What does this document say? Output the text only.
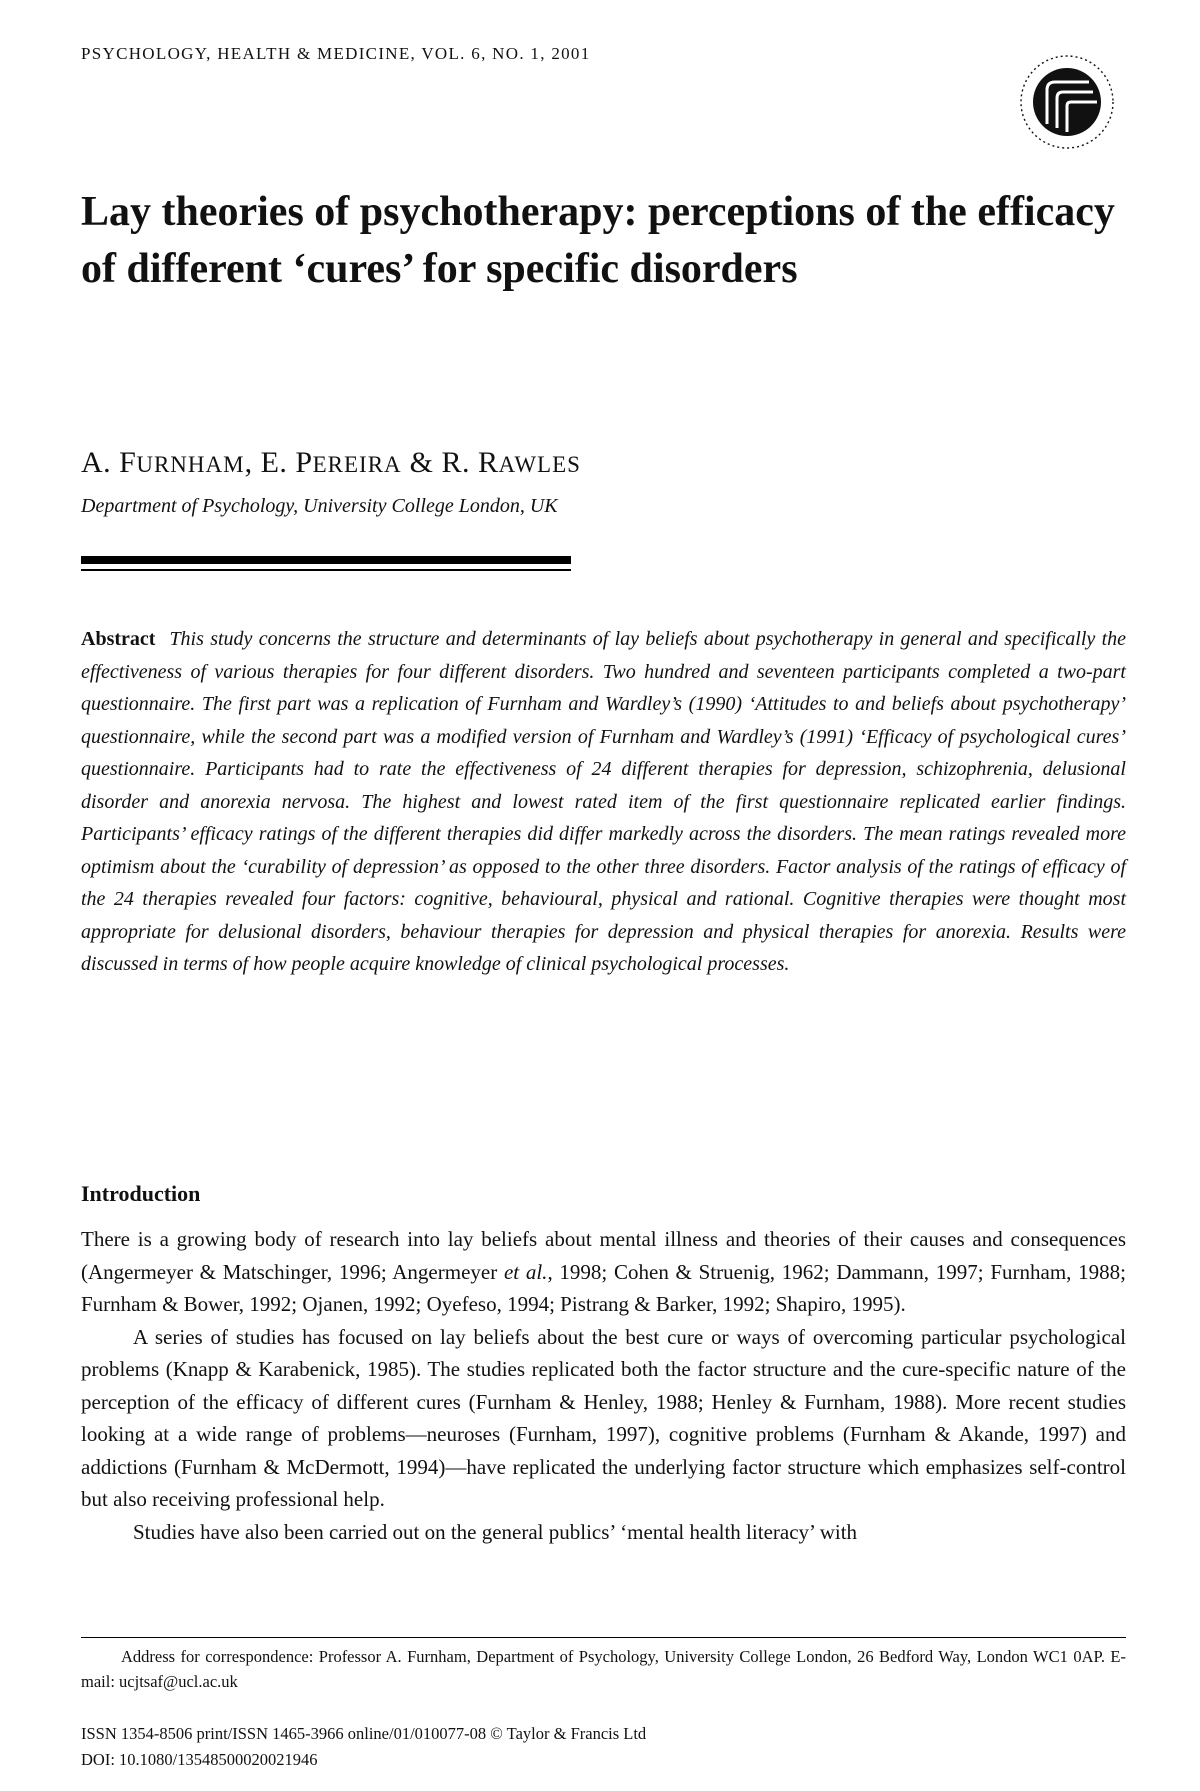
PSYCHOLOGY, HEALTH & MEDICINE, VOL. 6, NO. 1, 2001
Lay theories of psychotherapy: perceptions of the efficacy of different ‘cures’ for specific disorders
A. FURNHAM, E. PEREIRA & R. RAWLES
Department of Psychology, University College London, UK

Abstract This study concerns the structure and determinants of lay beliefs about psychotherapy in general and specifically the effectiveness of various therapies for four different disorders. Two hundred and seventeen participants completed a two-part questionnaire. The first part was a replication of Furnham and Wardley’s (1990) ‘Attitudes to and beliefs about psychotherapy’ questionnaire, while the second part was a modified version of Furnham and Wardley’s (1991) ‘Efficacy of psychological cures’ questionnaire. Participants had to rate the effectiveness of 24 different therapies for depression, schizophrenia, delusional disorder and anorexia nervosa. The highest and lowest rated item of the first questionnaire replicated earlier findings. Participants’ efficacy ratings of the different therapies did differ markedly across the disorders. The mean ratings revealed more optimism about the ‘curability of depression’ as opposed to the other three disorders. Factor analysis of the ratings of efficacy of the 24 therapies revealed four factors: cognitive, behavioural, physical and rational. Cognitive therapies were thought most appropriate for delusional disorders, behaviour therapies for depression and physical therapies for anorexia. Results were discussed in terms of how people acquire knowledge of clinical psychological processes.

Introduction

There is a growing body of research into lay beliefs about mental illness and theories of their causes and consequences (Angermeyer & Matschinger, 1996; Angermeyer et al., 1998; Cohen & Struenig, 1962; Dammann, 1997; Furnham, 1988; Furnham & Bower, 1992; Ojanen, 1992; Oyefeso, 1994; Pistrang & Barker, 1992; Shapiro, 1995).

A series of studies has focused on lay beliefs about the best cure or ways of overcoming particular psychological problems (Knapp & Karabenick, 1985). The studies replicated both the factor structure and the cure-specific nature of the perception of the efficacy of different cures (Furnham & Henley, 1988; Henley & Furnham, 1988). More recent studies looking at a wide range of problems—neuroses (Furnham, 1997), cognitive problems (Furnham & Akande, 1997) and addictions (Furnham & McDermott, 1994)—have replicated the underlying factor structure which emphasizes self-control but also receiving professional help.

Studies have also been carried out on the general publics’ ‘mental health literacy’ with

Address for correspondence: Professor A. Furnham, Department of Psychology, University College London, 26 Bedford Way, London WC1 0AP. E-mail: ucjtsaf@ucl.ac.uk

ISSN 1354-8506 print/ISSN 1465-3966 online/01/010077-08 © Taylor & Francis Ltd
DOI: 10.1080/13548500020021946
